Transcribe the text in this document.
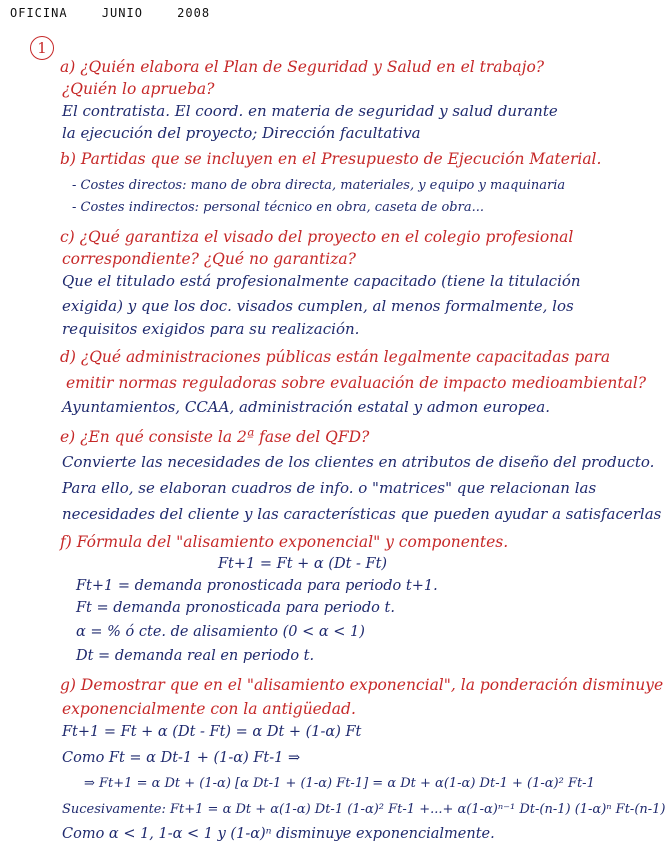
OFICINA	JUNIO	2008
1
a) ¿Quién elabora el Plan de Seguridad y Salud en el trabajo?
¿Quién lo aprueba?
El contratista. El coord. en materia de seguridad y salud durante
la ejecución del proyecto; Dirección facultativa
b) Partidas que se incluyen en el Presupuesto de Ejecución Material.
- Costes directos: mano de obra directa, materiales, y equipo y maquinaria
- Costes indirectos: personal técnico en obra, caseta de obra...
c) ¿Qué garantiza el visado del proyecto en el colegio profesional
correspondiente? ¿Qué no garantiza?
Que el titulado está profesionalmente capacitado (tiene la titulación
exigida) y que los doc. visados cumplen, al menos formalmente, los
requisitos exigidos para su realización.
d) ¿Qué administraciones públicas están legalmente capacitadas para
emitir normas reguladoras sobre evaluación de impacto medioambiental?
Ayuntamientos, CCAA, administración estatal y admon europea.
e) ¿En qué consiste la 2ª fase del QFD?
Convierte las necesidades de los clientes en atributos de diseño del producto.
Para ello, se elaboran cuadros de info. o "matrices" que relacionan las
necesidades del cliente y las características que pueden ayudar a satisfacerlas
f) Fórmula del "alisamiento exponencial" y componentes.
Ft+1 = Ft + α (Dt - Ft)
Ft+1 = demanda pronosticada para periodo t+1.
Ft = demanda pronosticada para periodo t.
α = % ó cte. de alisamiento (0 < α < 1)
Dt = demanda real en periodo t.
g) Demostrar que en el "alisamiento exponencial", la ponderación disminuye
exponencialmente con la antigüedad.
Ft+1 = Ft + α (Dt - Ft) = α Dt + (1-α) Ft
Como Ft = α Dt-1 + (1-α) Ft-1 ⇒
⇒ Ft+1 = α Dt + (1-α) [α Dt-1 + (1-α) Ft-1] = α Dt + α(1-α) Dt-1 + (1-α)² Ft-1
Sucesivamente: Ft+1 = α Dt + α(1-α) Dt-1 (1-α)² Ft-1 +...+ α(1-α)ⁿ⁻¹ Dt-(n-1) (1-α)ⁿ Ft-(n-1)
Como α < 1, 1-α < 1 y (1-α)ⁿ disminuye exponencialmente.
